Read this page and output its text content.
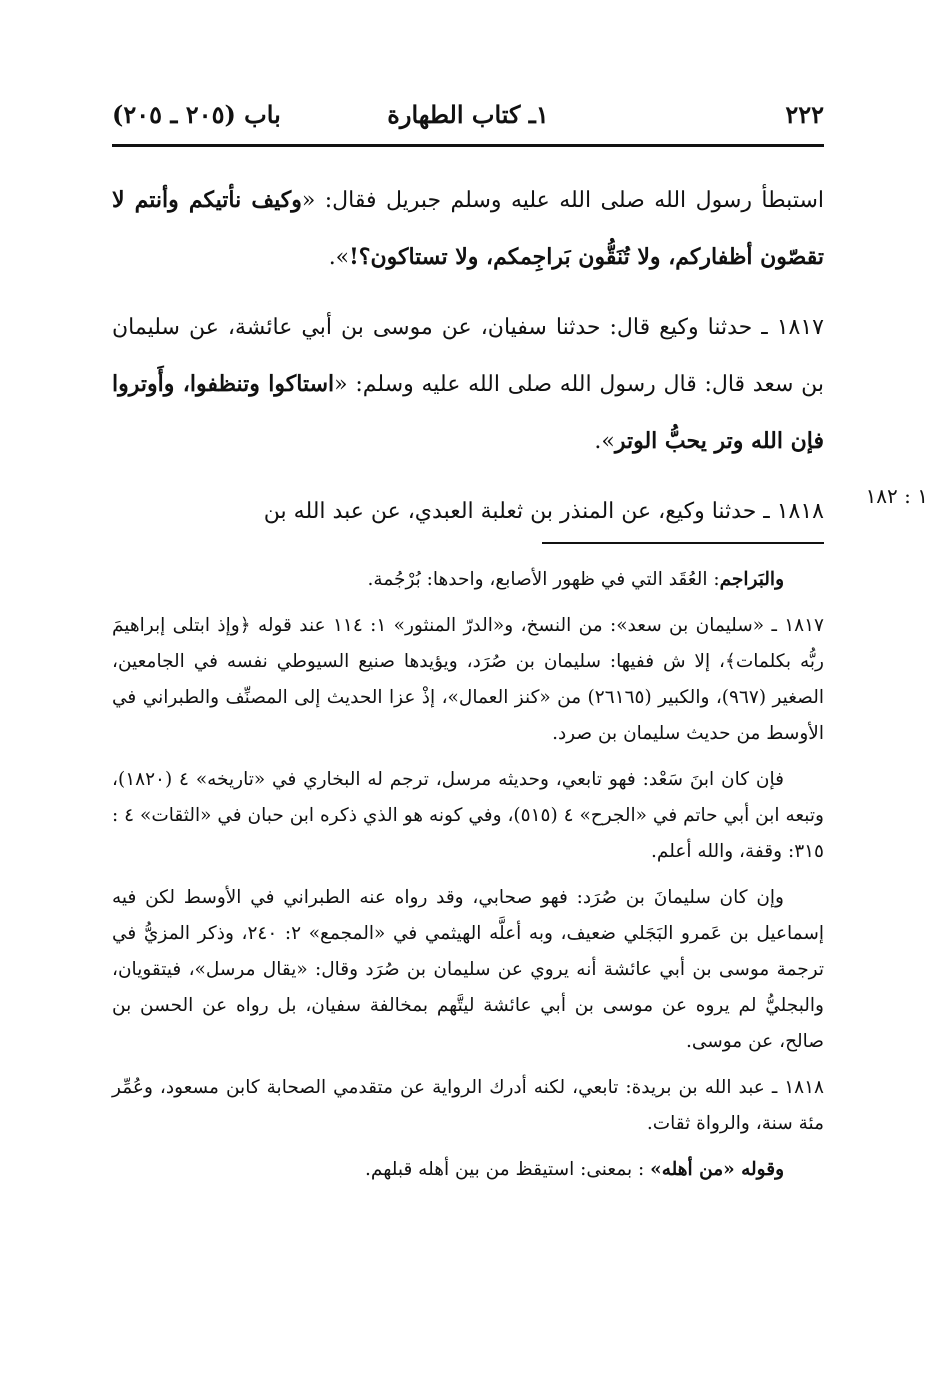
٢٢٢
١ـ كتاب الطهارة
باب (٢٠٥ ـ ٢٠٥)

استبطأ رسول الله صلى الله عليه وسلم جبريل فقال: «وكيف نأتيكم وأنتم لا تقصّون أظفاركم، ولا تُنَقُّون بَراجِمكم، ولا تستاكون؟!».

١٨١٧ ـ حدثنا وكيع قال: حدثنا سفيان، عن موسى بن أبي عائشة، عن سليمان بن سعد قال: قال رسول الله صلى الله عليه وسلم: «استاكوا وتنظفوا، وأَوتروا فإن الله وتر يحبُّ الوتر».

١٨١٨ ـ حدثنا وكيع، عن المنذر بن ثعلبة العبدي، عن عبد الله بن

١ : ١٨٢

والبَراجم: العُقَد التي في ظهور الأصابع، واحدها: بُرْجُمة.

١٨١٧ ـ «سليمان بن سعد»: من النسخ، و«الدرّ المنثور» ١: ١١٤ عند قوله ﴿وإذ ابتلى إبراهيمَ ربُّه بكلمات﴾، إلا ش ففيها: سليمان بن صُرَد، ويؤيدها صنيع السيوطي نفسه في الجامعين، الصغير (٩٦٧)، والكبير (٢٦١٦٥) من «كنز العمال»، إذْ عزا الحديث إلى المصنِّف والطبراني في الأوسط من حديث سليمان بن صرد.

فإن كان ابنَ سَعْد: فهو تابعي، وحديثه مرسل، ترجم له البخاري في «تاريخه» ٤ (١٨٢٠)، وتبعه ابن أبي حاتم في «الجرح» ٤ (٥١٥)، وفي كونه هو الذي ذكره ابن حبان في «الثقات» ٤ : ٣١٥: وقفة، والله أعلم.

وإن كان سليمانَ بن صُرَد: فهو صحابي، وقد رواه عنه الطبراني في الأوسط لكن فيه إسماعيل بن عَمرو البَجَلي ضعيف، وبه أعلَّه الهيثمي في «المجمع» ٢: ٢٤٠، وذكر المزيُّ في ترجمة موسى بن أبي عائشة أنه يروي عن سليمان بن صُرَد وقال: «يقال مرسل»، فيتقويان، والبجليُّ لم يروه عن موسى بن أبي عائشة ليتَّهم بمخالفة سفيان، بل رواه عن الحسن بن صالح، عن موسى.

١٨١٨ ـ عبد الله بن بريدة: تابعي، لكنه أدرك الرواية عن متقدمي الصحابة كابن مسعود، وعُمِّر مئة سنة، والرواة ثقات.

وقوله «من أهله» : بمعنى: استيقظ من بين أهله قبلهم.
